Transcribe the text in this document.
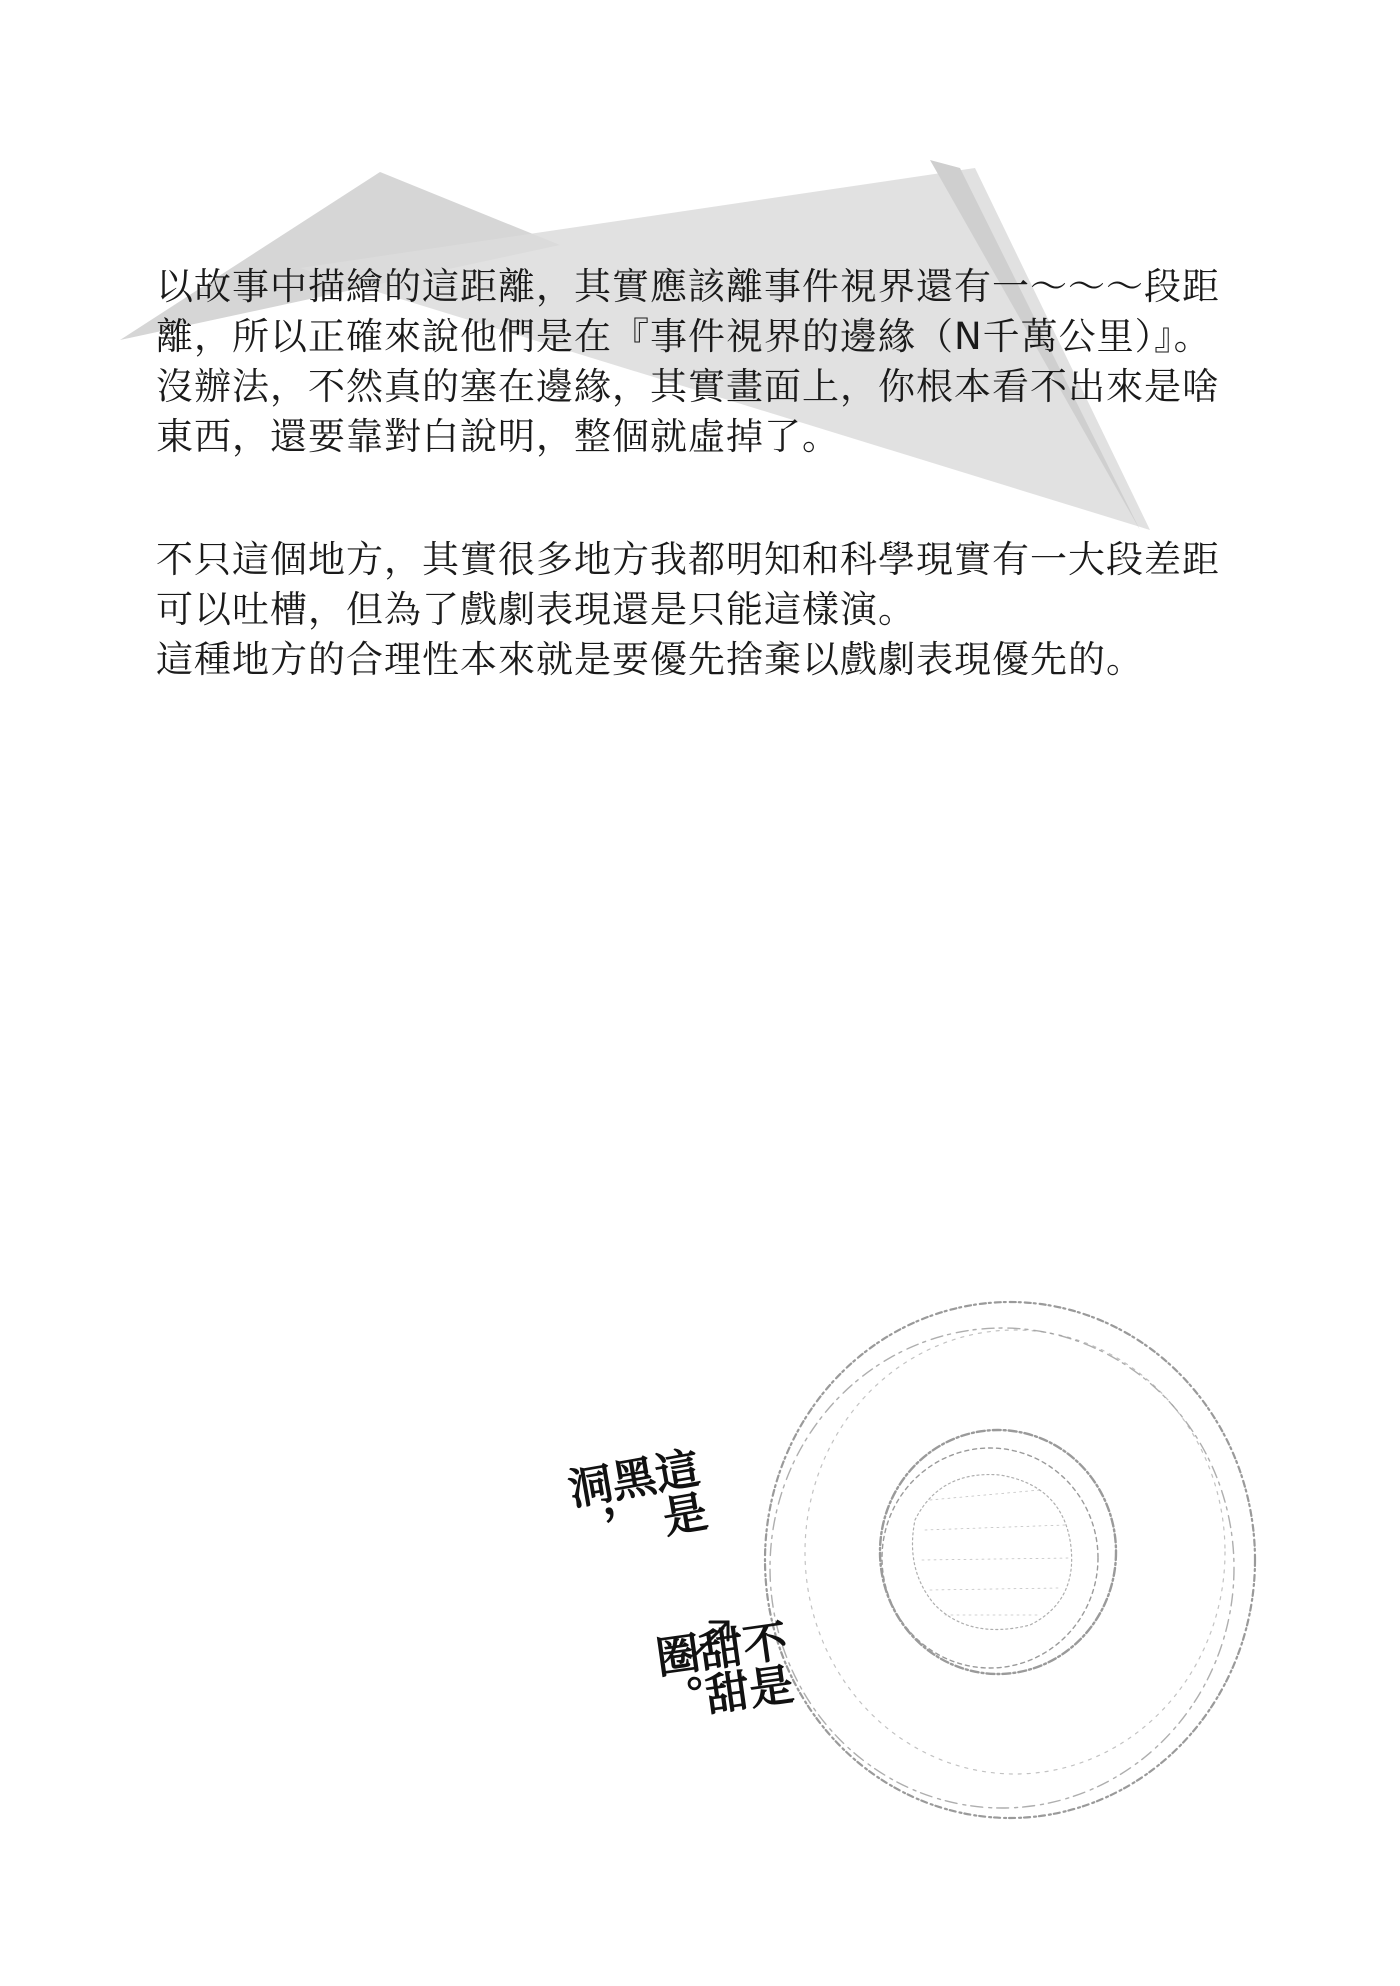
以故事中描繪的這距離，其實應該離事件視界還有一～～～段距
離，所以正確來說他們是在『事件視界的邊緣（N千萬公里）』。
沒辦法，不然真的塞在邊緣，其實畫面上，你根本看不出來是啥
東西，還要靠對白說明，整個就虛掉了。
不只這個地方，其實很多地方我都明知和科學現實有一大段差距
可以吐槽，但為了戲劇表現還是只能這樣演。
這種地方的合理性本來就是要優先捨棄以戲劇表現優先的。
這是黑洞，
不是甜甜圈。
